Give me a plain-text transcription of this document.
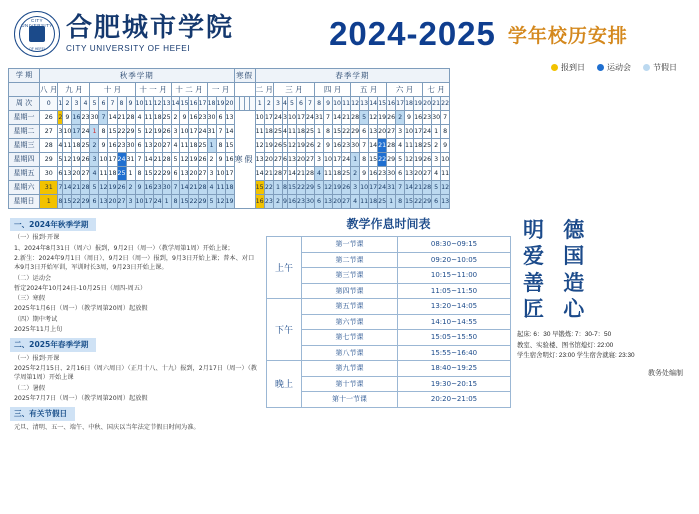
CITY UNIVERSITY
OF HEFEI
合肥城市学院
CITY UNIVERSITY OF HEFEI	2024-2025 学年校历安排
报到日	运动会	节假日
学 期	秋季学期																					寒假				春季学期																					
	八 月	九 月				十 月					十 一 月				十 二 月				一 月							二 月		三 月					四 月				五 月				六 月				七 月		
周 次	0	1	2	3	4	5	6	7	8	9	10	11	12	13	14	15	16	17	18	19	20					1	2	3	4	5	6	7	8	9	10	11	12	13	14	15	16	17	18	19	20	21	22
星期一	26	2	9	16	23	30	7	14	21	28	4	11	18	25	2	9	16	23	30	6	13	寒假				10	17	24	3	10	17	24	31	7	14	21	28	5	12	19	26	2	9	16	23	30	7
星期二	27	3	10	17	24	1	8	15	22	29	5	12	19	26	3	10	17	24	31	7	14					11	18	25	4	11	18	25	1	8	15	22	29	6	13	20	27	3	10	17	24	1	8
星期三	28	4	11	18	25	2	9	16	23	30	6	13	20	27	4	11	18	25	1	8	15					12	19	26	5	12	19	26	2	9	16	23	30	7	14	21	28	4	11	18	25	2	9
星期四	29	5	12	19	26	3	10	17	24	31	7	14	21	28	5	12	19	26	2	9	16					13	20	27	6	13	20	27	3	10	17	24	1	8	15	22	29	5	12	19	26	3	10
星期五	30	6	13	20	27	4	11	18	25	1	8	15	22	29	6	13	20	27	3	10	17					14	21	28	7	14	21	28	4	11	18	25	2	9	16	23	30	6	13	20	27	4	11
星期六	31	7	14	21	28	5	12	19	26	2	9	16	23	30	7	14	21	28	4	11	18					15	22	1	8	15	22	29	5	12	19	26	3	10	17	24	31	7	14	21	28	5	12
星期日	1	8	15	22	29	6	13	20	27	3	10	17	24	1	8	15	22	29	5	12	19					16	23	2	9	16	23	30	6	13	20	27	4	11	18	25	1	8	15	22	29	6	13
一、2024年秋季学期
（一）报到·开课
1、2024年8月31日（周六）报到，9月2日（周一）（教学周第1周）开始上课；
2.新生：2024年9月1日（周日）、9月2日（周一）报到，9月3日开始上课；普本、对口本9月3日开始军训，军训时长3周，9月23日开始上课。
（二）运动会
暂定2024年10月24日-10月25日（周四-周五）
（三）寒假
2025年1月6日（周一）（教学周第20周）起放假
（四）期中考试
2025年11月上旬
二、2025年春季学期
（一）报到·开课
2025年2月15日、2月16日（周六周日）（正月十八、十九）报到，2月17日（周一）（教学周第1周）开始上课
（二）暑假
2025年7月7日（周一）（教学周第20周）起放假
三、有关节假日
元旦、清明、五一、端午、中秋、国庆以当年法定节假日时间为准。
教学作息时间表
上午	第一节课	08:30~09:15
	第二节课	09:20~10:05
	第三节课	10:15~11:00
	第四节课	11:05~11:50
下午	第五节课	13:20~14:05
	第六节课	14:10~14:55
	第七节课	15:05~15:50
	第八节课	15:55~16:40
晚上	第九节课	18:40~19:25
	第十节课	19:30~20:15
	第十一节课	20:20~21:05
明 德
爱 国
善 造
匠 心
起床: 6：30 早锻炼: 7：30-7：50
教室、实验楼、图书馆熄灯: 22:00
学生宿舍明灯: 23:00 学生宿舍就寝: 23:30
教务处编制
